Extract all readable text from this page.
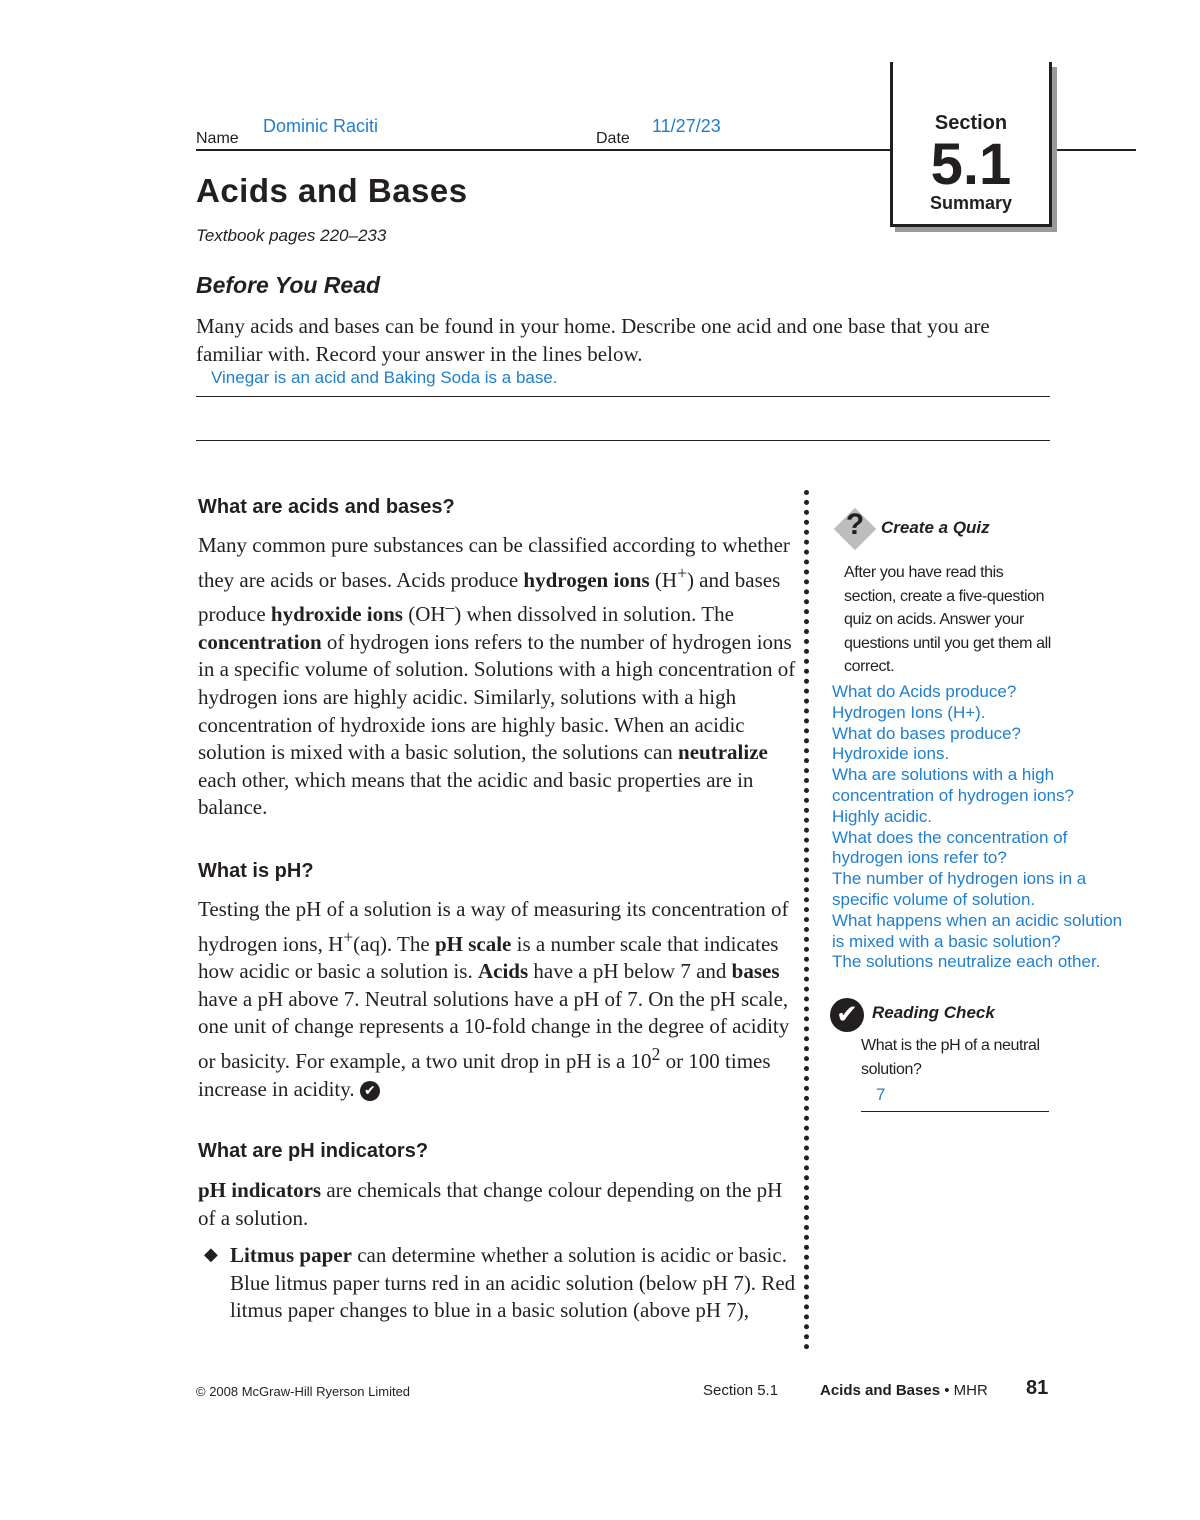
Name
Dominic Raciti
Date
11/27/23	Section
5.1
Summary
Acids and Bases
Textbook pages 220–233
Before You Read
Many acids and bases can be found in your home. Describe one acid and one base that you are familiar with. Record your answer in the lines below.
Vinegar is an acid and Baking Soda is a base.
What are acids and bases?
Many common pure substances can be classified according to whether they are acids or bases. Acids produce hydrogen ions (H+) and bases produce hydroxide ions (OH–) when dissolved in solution. The concentration of hydrogen ions refers to the number of hydrogen ions in a specific volume of solution. Solutions with a high concentration of hydrogen ions are highly acidic. Similarly, solutions with a high concentration of hydroxide ions are highly basic. When an acidic solution is mixed with a basic solution, the solutions can neutralize each other, which means that the acidic and basic properties are in balance.
What is pH?
Testing the pH of a solution is a way of measuring its concentration of hydrogen ions, H+(aq). The pH scale is a number scale that indicates how acidic or basic a solution is. Acids have a pH below 7 and bases have a pH above 7. Neutral solutions have a pH of 7. On the pH scale, one unit of change represents a 10-fold change in the degree of acidity or basicity. For example, a two unit drop in pH is a $10^2$ or 100 times increase in acidity. ✔
What are pH indicators?
pH indicators are chemicals that change colour depending on the pH of a solution.
◆ Litmus paper can determine whether a solution is acidic or basic. Blue litmus paper turns red in an acidic solution (below pH 7). Red litmus paper changes to blue in a basic solution (above pH 7),
? Create a Quiz
After you have read this section, create a five-question quiz on acids. Answer your questions until you get them all correct.
What do Acids produce?
Hydrogen Ions (H+).
What do bases produce?
Hydroxide ions.
Wha are solutions with a high concentration of hydrogen ions?
Highly acidic.
What does the concentration of hydrogen ions refer to?
The number of hydrogen ions in a specific volume of solution.
What happens when an acidic solution is mixed with a basic solution?
The solutions neutralize each other.
✔ Reading Check
What is the pH of a neutral solution?
7
© 2008 McGraw-Hill Ryerson Limited	Section 5.1	Acids and Bases • MHR 81
